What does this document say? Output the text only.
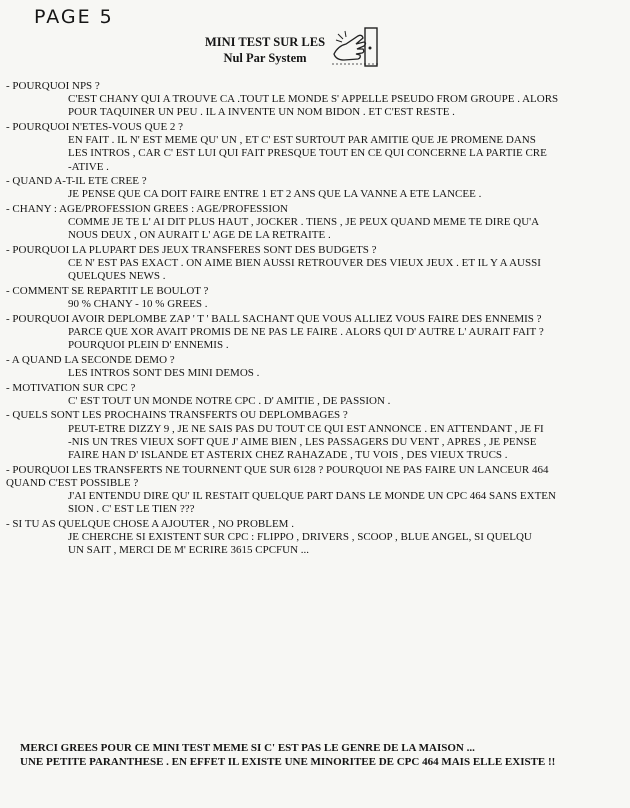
PAGE 5
MINI TEST SUR LES
Nul Par System
- POURQUOI NPS ?
C'EST CHANY QUI A TROUVE CA .TOUT LE MONDE S' APPELLE PSEUDO FROM GROUPE . ALORS
POUR TAQUINER UN PEU . IL A INVENTE UN NOM BIDON . ET C'EST RESTE .
- POURQUOI N'ETES-VOUS QUE 2 ?
EN FAIT . IL N' EST MEME QU' UN , ET C' EST SURTOUT PAR AMITIE QUE JE PROMENE DANS
LES INTROS , CAR C' EST LUI QUI FAIT PRESQUE TOUT EN CE QUI CONCERNE LA PARTIE CRE
-ATIVE .
- QUAND A-T-IL ETE CREE ?
JE PENSE QUE CA DOIT FAIRE ENTRE 1 ET 2 ANS QUE LA VANNE A ETE LANCEE .
- CHANY : AGE/PROFESSION GREES : AGE/PROFESSION
COMME JE TE L' AI DIT PLUS HAUT , JOCKER . TIENS , JE PEUX QUAND MEME TE DIRE QU'A
NOUS DEUX , ON AURAIT L' AGE DE LA RETRAITE .
- POURQUOI LA PLUPART DES JEUX TRANSFERES SONT DES BUDGETS ?
CE N' EST PAS EXACT . ON AIME BIEN AUSSI RETROUVER DES VIEUX JEUX . ET IL Y A AUSSI
QUELQUES NEWS .
- COMMENT SE REPARTIT LE BOULOT ?
90 % CHANY - 10 % GREES .
- POURQUOI AVOIR DEPLOMBE ZAP ' T ' BALL SACHANT QUE VOUS ALLIEZ VOUS FAIRE DES ENNEMIS ?
PARCE QUE XOR AVAIT PROMIS DE NE PAS LE FAIRE . ALORS QUI D' AUTRE L' AURAIT FAIT ?
POURQUOI PLEIN D' ENNEMIS .
- A QUAND LA SECONDE DEMO ?
LES INTROS SONT DES MINI DEMOS .
- MOTIVATION SUR CPC ?
C' EST TOUT UN MONDE NOTRE CPC . D' AMITIE , DE PASSION .
- QUELS SONT LES PROCHAINS TRANSFERTS OU DEPLOMBAGES ?
PEUT-ETRE DIZZY 9 , JE NE SAIS PAS DU TOUT CE QUI EST ANNONCE . EN ATTENDANT , JE FI
-NIS UN TRES VIEUX SOFT QUE J' AIME BIEN , LES PASSAGERS DU VENT , APRES , JE PENSE
FAIRE HAN D' ISLANDE ET ASTERIX CHEZ RAHAZADE , TU VOIS , DES VIEUX TRUCS .
- POURQUOI LES TRANSFERTS NE TOURNENT QUE SUR 6128 ? POURQUOI NE PAS FAIRE UN LANCEUR 464
QUAND C'EST POSSIBLE ?
J'AI ENTENDU DIRE QU' IL RESTAIT QUELQUE PART DANS LE MONDE UN CPC 464 SANS EXTEN
SION . C' EST LE TIEN ???
- SI TU AS QUELQUE CHOSE A AJOUTER , NO PROBLEM .
JE CHERCHE SI EXISTENT SUR CPC : FLIPPO , DRIVERS , SCOOP , BLUE ANGEL, SI QUELQU
UN SAIT , MERCI DE M' ECRIRE 3615 CPCFUN ...
MERCI GREES POUR CE MINI TEST MEME SI C' EST PAS LE GENRE DE LA MAISON ...
UNE PETITE PARANTHESE . EN EFFET IL EXISTE UNE MINORITEE DE CPC 464 MAIS ELLE EXISTE !!
